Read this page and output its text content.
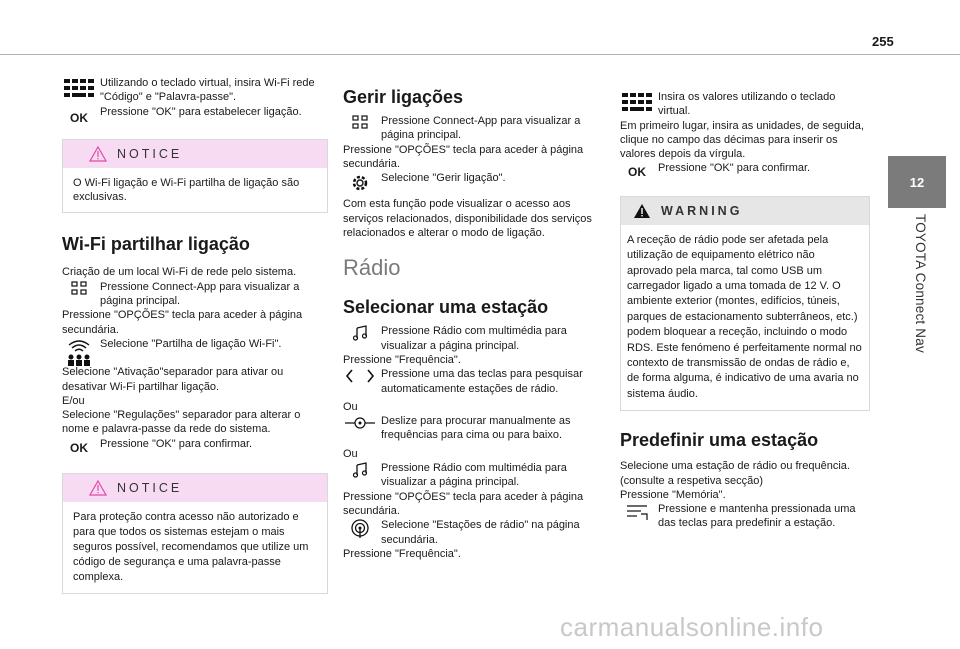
255
12
TOYOTA Connect Nav
Utilizando o teclado virtual, insira Wi-Fi rede "Código" e "Palavra-passe".
OK	Pressione "OK" para estabelecer ligação.
NOTICE
O Wi-Fi ligação e Wi-Fi partilha de ligação são exclusivas.
Wi-Fi partilhar ligação
Criação de um local Wi-Fi de rede pelo sistema.
Pressione Connect-App para visualizar a página principal.
Pressione "OPÇÕES" tecla para aceder à página secundária.
Selecione "Partilha de ligação Wi-Fi".
Selecione "Ativação"separador para ativar ou desativar Wi-Fi partilhar ligação.
E/ou
Selecione "Regulações" separador para alterar o nome e palavra-passe da rede do sistema.
OK	Pressione "OK" para confirmar.
NOTICE
Para proteção contra acesso não autorizado e para que todos os sistemas estejam o mais seguros possível, recomendamos que utilize um código de segurança e uma palavra-passe complexa.
Gerir ligações
Pressione Connect-App para visualizar a página principal.
Pressione "OPÇÕES" tecla para aceder à página secundária.
Selecione "Gerir ligação".
Com esta função pode visualizar o acesso aos serviços relacionados, disponibilidade dos serviços relacionados e alterar o modo de ligação.
Rádio
Selecionar uma estação
Pressione Rádio com multimédia para visualizar a página principal.
Pressione "Frequência".
Pressione uma das teclas para pesquisar automaticamente estações de rádio.
Ou
Deslize para procurar manualmente as frequências para cima ou para baixo.
Ou
Pressione Rádio com multimédia para visualizar a página principal.
Pressione "OPÇÕES" tecla para aceder à página secundária.
Selecione "Estações de rádio" na página secundária.
Pressione "Frequência".
Insira os valores utilizando o teclado virtual.
Em primeiro lugar, insira as unidades, de seguida, clique no campo das décimas para inserir os valores depois da vírgula.
OK	Pressione "OK" para confirmar.
WARNING
A receção de rádio pode ser afetada pela utilização de equipamento elétrico não aprovado pela marca, tal como USB um carregador ligado a uma tomada de 12 V. O ambiente exterior (montes, edifícios, túneis, parques de estacionamento subterrâneos, etc.) podem bloquear a receção, incluindo o modo RDS. Este fenómeno é perfeitamente normal no contexto de transmissão de ondas de rádio e, de forma alguma, é indicativo de uma avaria no sistema áudio.
Predefinir uma estação
Selecione uma estação de rádio ou frequência. (consulte a respetiva secção)
Pressione "Memória".
Pressione e mantenha pressionada uma das teclas para predefinir a estação.
carmanualsonline.info
